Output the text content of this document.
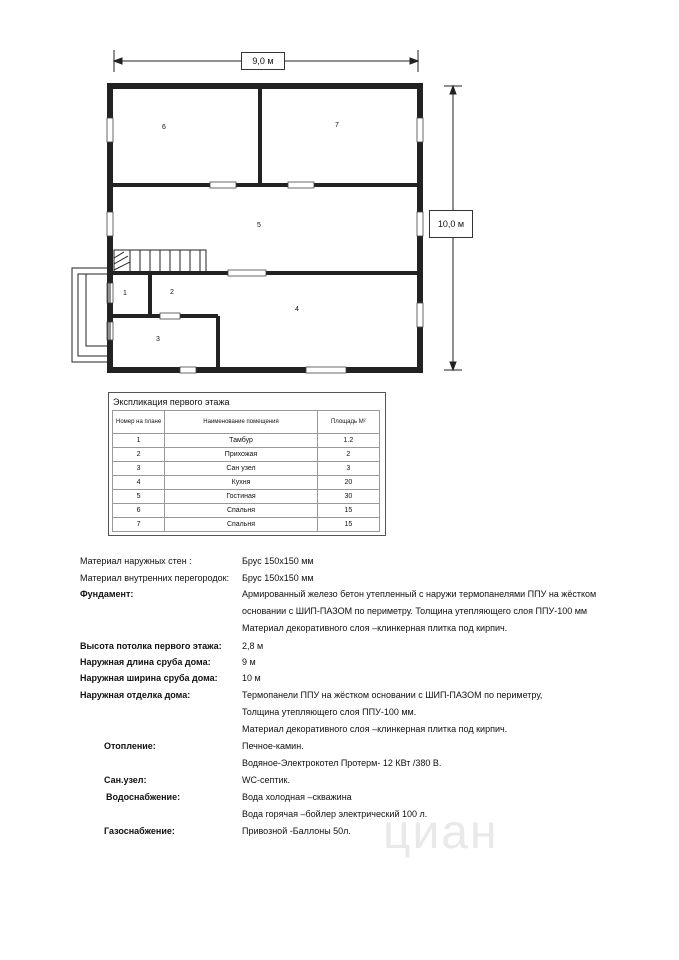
9,0 м
10,0 м
6	7
5
1	2
4
3
Экспликация первого этажа
Номер на плане	Наименование помещения	Площадь M²
1	Тамбур	1.2
2	Прихожая	2
3	Сан узел	3
4	Кухня	20
5	Гостиная	30
6	Спальня	15
7	Спальня	15
Материал наружных стен :	Брус 150х150 мм
Материал внутренних перегородок: Брус 150х150 мм
Фундамент:	Армированный железо бетон утепленный с наружи термопанелями ППУ на жёстком
основании с ШИП-ПАЗОМ по периметру. Толщина утепляющего слоя ППУ-100 мм
Материал декоративного слоя –клинкерная плитка под кирпич.
Высота потолка первого этажа: 2,8 м
Наружная длина сруба дома:	9 м
Наружная ширина сруба дома:	10 м
Наружная отделка дома:	Термопанели ППУ на жёстком основании с ШИП-ПАЗОМ по периметру,
Толщина утепляющего слоя ППУ-100 мм.
Материал декоративного слоя –клинкерная плитка под кирпич.
Отопление:	Печное-камин.
Водяное-Электрокотел Протерм- 12 КВт /380 В.
Сан.узел:	WC-септик.
Водоснабжение:	Вода холодная –скважина
Вода горячая –бойлер электрический 100 л.
Газоснабжение:	Привозной -Баллоны 50л. циан
